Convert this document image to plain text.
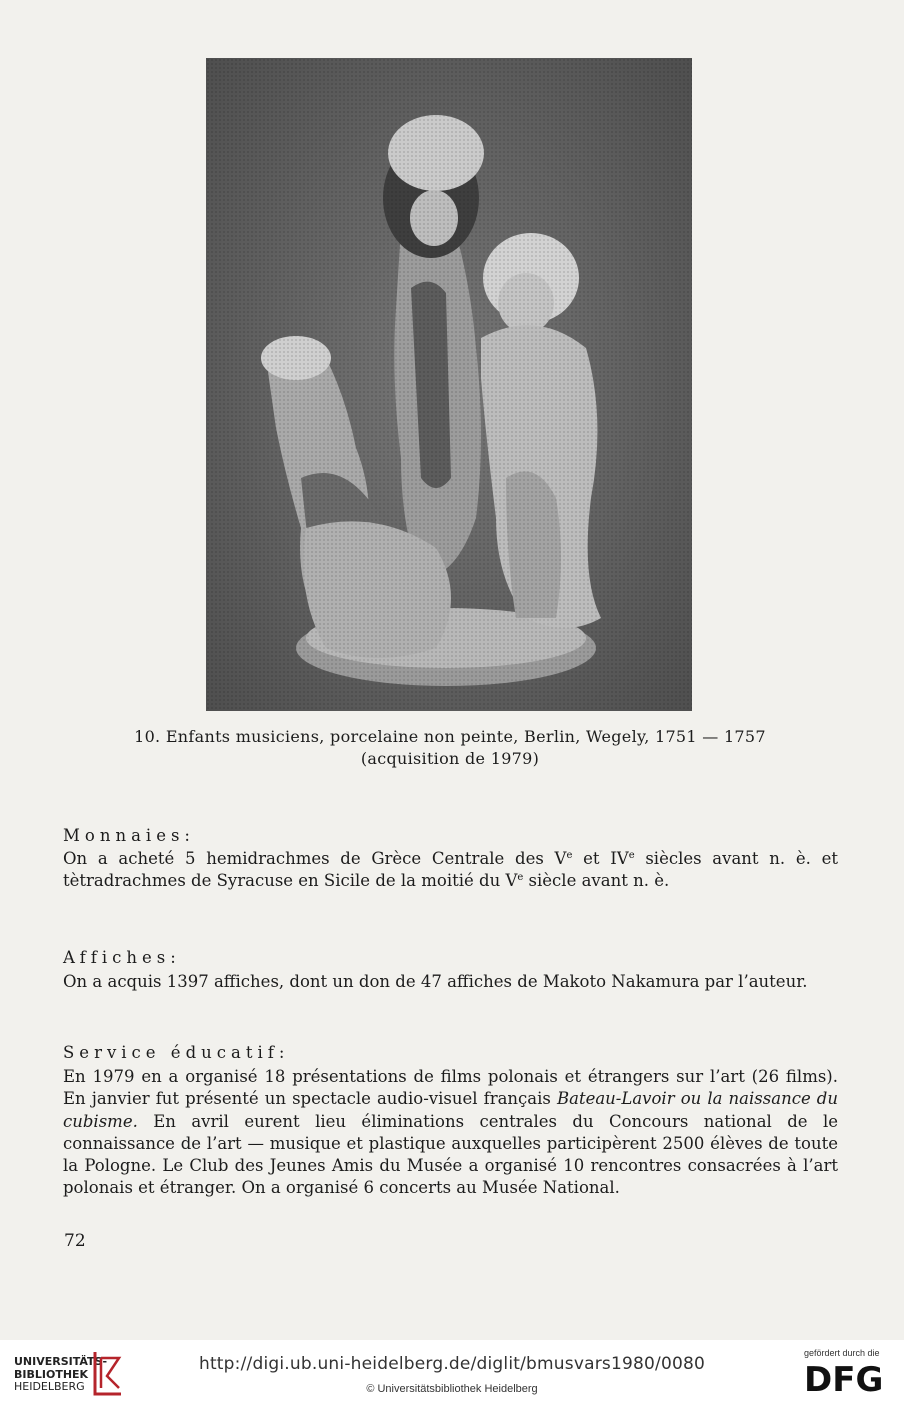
10. Enfants musiciens, porcelaine non peinte, Berlin, Wegely, 1751 — 1757
(acquisition de 1979)
Monnaies:
On a acheté 5 hemidrachmes de Grèce Centrale des Ve et IVe siècles avant n. è. et tètradrachmes de Syracuse en Sicile de la moitié du Ve siècle avant n. è.
Affiches:
On a acquis 1397 affiches, dont un don de 47 affiches de Makoto Nakamura par l’auteur.
Service éducatif:
En 1979 en a organisé 18 présentations de films polonais et étrangers sur l’art (26 films). En janvier fut présenté un spectacle audio-visuel français Bateau-Lavoir ou la naissance du cubisme. En avril eurent lieu éliminations centrales du Concours national de le connaissance de l’art — musique et plastique auxquelles participèrent 2500 élèves de toute la Pologne. Le Club des Jeunes Amis du Musée a organisé 10 rencontres consacrées à l’art polonais et étranger. On a organisé 6 concerts au Musée National.
72
UNIVERSITÄTS-
BIBLIOTHEK
HEIDELBERG
http://digi.ub.uni-heidelberg.de/diglit/bmusvars1980/0080
© Universitätsbibliothek Heidelberg
gefördert durch die
DFG
